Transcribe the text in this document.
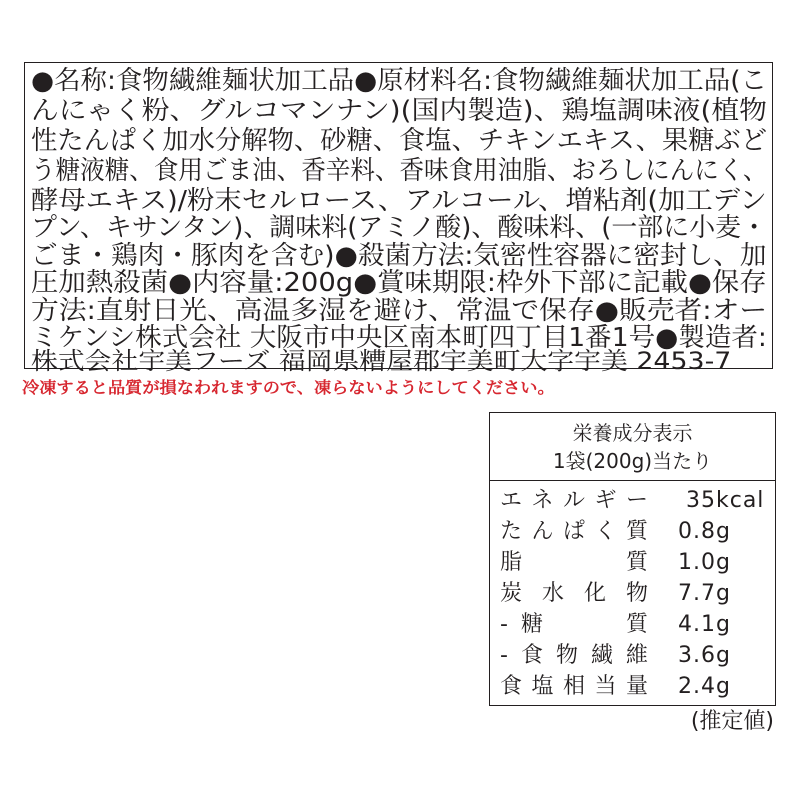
●名称:食物繊維麺状加工品●原材料名:食物繊維麺状加工品(こ
んにゃく粉、グルコマンナン)(国内製造)、鶏塩調味液(植物
性たんぱく加水分解物、砂糖、食塩、チキンエキス、果糖ぶど
う糖液糖、食用ごま油、香辛料、香味食用油脂、おろしにんにく、
酵母エキス)/粉末セルロース、アルコール、増粘剤(加工デン
プン、キサンタン)、調味料(アミノ酸)、酸味料、(一部に小麦・
ごま・鶏肉・豚肉を含む)●殺菌方法:気密性容器に密封し、加
圧加熱殺菌●内容量:200g●賞味期限:枠外下部に記載●保存
方法:直射日光、高温多湿を避け、常温で保存●販売者:オー
ミケンシ株式会社 大阪市中央区南本町四丁目1番1号●製造者:
株式会社宇美フーズ 福岡県糟屋郡宇美町大字宇美 2453-7
冷凍すると品質が損なわれますので、凍らないようにしてください。
栄養成分表示
1袋(200g)当たり
エネルギー 35kcal
たんぱく質 0.8g
脂　　　質 1.0g
炭水化物 7.7g
-糖　　質 4.1g
-食物繊維 3.6g
食塩相当量 2.4g
(推定値)
